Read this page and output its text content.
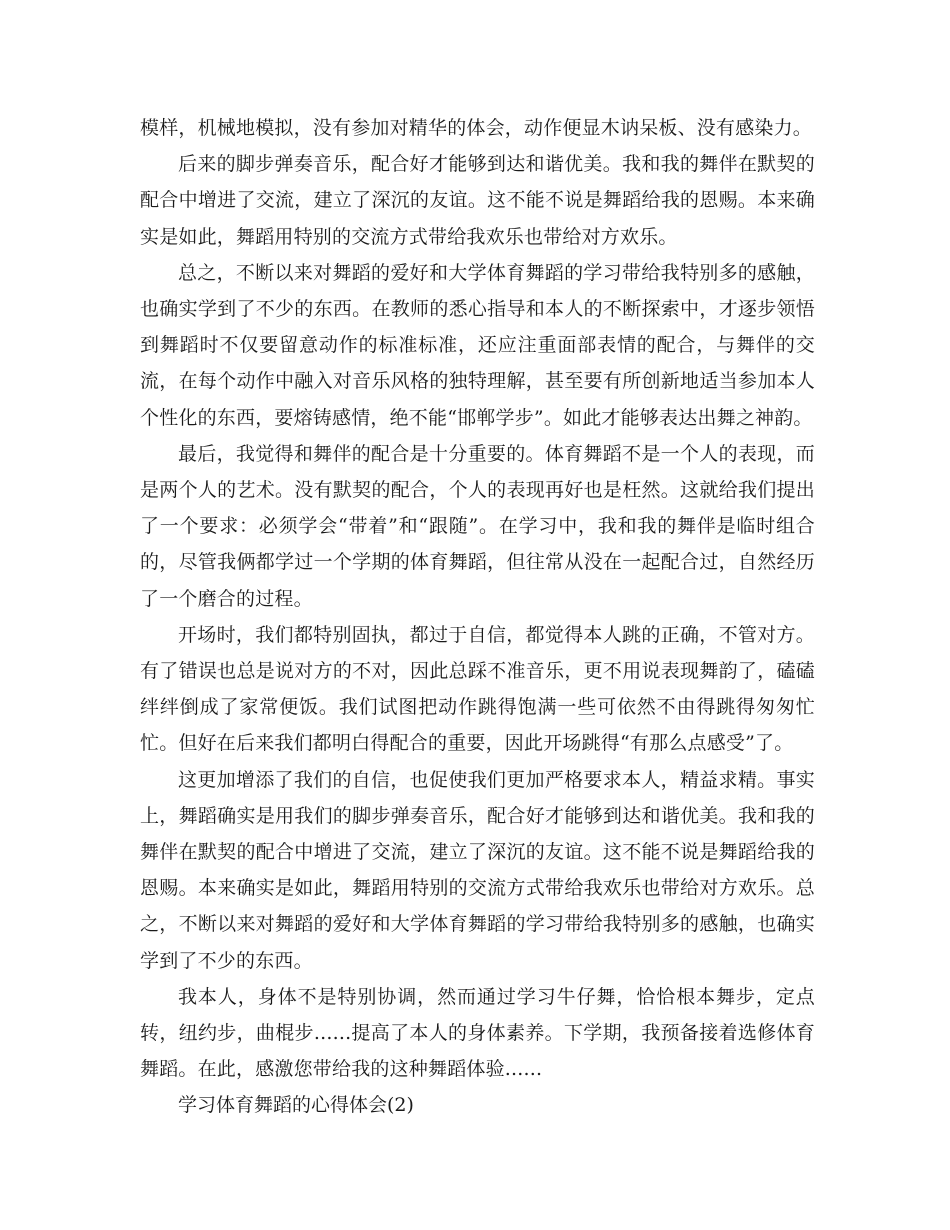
模样，机械地模拟，没有参加对精华的体会，动作便显木讷呆板、没有感染力。

后来的脚步弹奏音乐，配合好才能够到达和谐优美。我和我的舞伴在默契的配合中增进了交流，建立了深沉的友谊。这不能不说是舞蹈给我的恩赐。本来确实是如此，舞蹈用特别的交流方式带给我欢乐也带给对方欢乐。

总之，不断以来对舞蹈的爱好和大学体育舞蹈的学习带给我特别多的感触，也确实学到了不少的东西。在教师的悉心指导和本人的不断探索中，才逐步领悟到舞蹈时不仅要留意动作的标准标准，还应注重面部表情的配合，与舞伴的交流，在每个动作中融入对音乐风格的独特理解，甚至要有所创新地适当参加本人个性化的东西，要熔铸感情，绝不能“邯郸学步”。如此才能够表达出舞之神韵。

最后，我觉得和舞伴的配合是十分重要的。体育舞蹈不是一个人的表现，而是两个人的艺术。没有默契的配合，个人的表现再好也是枉然。这就给我们提出了一个要求：必须学会“带着”和“跟随”。在学习中，我和我的舞伴是临时组合的，尽管我俩都学过一个学期的体育舞蹈，但往常从没在一起配合过，自然经历了一个磨合的过程。

开场时，我们都特别固执，都过于自信，都觉得本人跳的正确，不管对方。有了错误也总是说对方的不对，因此总踩不准音乐，更不用说表现舞韵了，磕磕绊绊倒成了家常便饭。我们试图把动作跳得饱满一些可依然不由得跳得匆匆忙忙。但好在后来我们都明白得配合的重要，因此开场跳得“有那么点感受”了。

这更加增添了我们的自信，也促使我们更加严格要求本人，精益求精。事实上，舞蹈确实是用我们的脚步弹奏音乐，配合好才能够到达和谐优美。我和我的舞伴在默契的配合中增进了交流，建立了深沉的友谊。这不能不说是舞蹈给我的恩赐。本来确实是如此，舞蹈用特别的交流方式带给我欢乐也带给对方欢乐。总之，不断以来对舞蹈的爱好和大学体育舞蹈的学习带给我特别多的感触，也确实学到了不少的东西。

我本人，身体不是特别协调，然而通过学习牛仔舞，恰恰根本舞步，定点转，纽约步，曲棍步......提高了本人的身体素养。下学期，我预备接着选修体育舞蹈。在此，感激您带给我的这种舞蹈体验......

学习体育舞蹈的心得体会(2)
